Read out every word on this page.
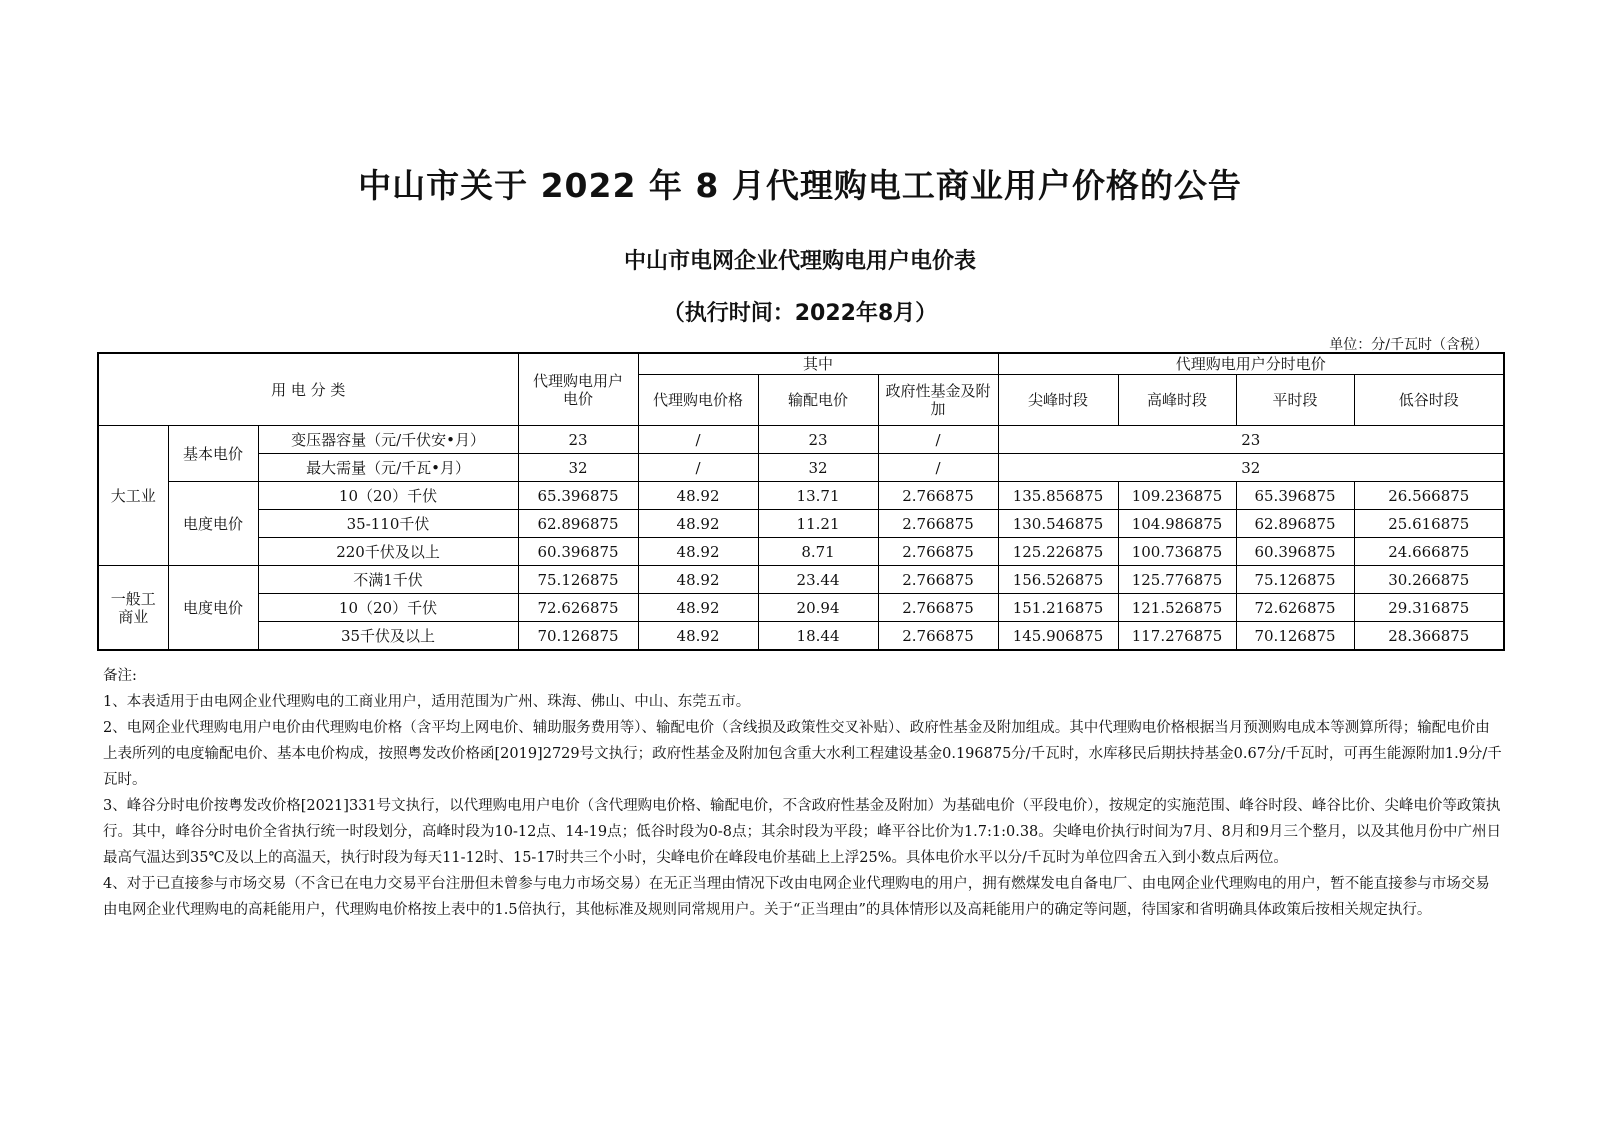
中山市关于 2022 年 8 月代理购电工商业用户价格的公告
中山市电网企业代理购电用户电价表
（执行时间：2022年8月）
单位：分/千瓦时（含税）
用 电 分 类			代理购电用户电价	其中			代理购电用户分时电价			
				代理购电价格	输配电价	政府性基金及附加	尖峰时段	高峰时段	平时段	低谷时段
大工业	基本电价	变压器容量（元/千伏安•月）	23	/	23	/	23			
		最大需量（元/千瓦•月）	32	/	32	/	32			
	电度电价	10（20）千伏	65.396875	48.92	13.71	2.766875	135.856875	109.236875	65.396875	26.566875
		35-110千伏	62.896875	48.92	11.21	2.766875	130.546875	104.986875	62.896875	25.616875
		220千伏及以上	60.396875	48.92	8.71	2.766875	125.226875	100.736875	60.396875	24.666875
一般工商业	电度电价	不满1千伏	75.126875	48.92	23.44	2.766875	156.526875	125.776875	75.126875	30.266875
		10（20）千伏	72.626875	48.92	20.94	2.766875	151.216875	121.526875	72.626875	29.316875
		35千伏及以上	70.126875	48.92	18.44	2.766875	145.906875	117.276875	70.126875	28.366875

备注:

1、本表适用于由电网企业代理购电的工商业用户，适用范围为广州、珠海、佛山、中山、东莞五市。

2、电网企业代理购电用户电价由代理购电价格（含平均上网电价、辅助服务费用等）、输配电价（含线损及政策性交叉补贴）、政府性基金及附加组成。其中代理购电价格根据当月预测购电成本等测算所得；输配电价由上表所列的电度输配电价、基本电价构成，按照粤发改价格函[2019]2729号文执行；政府性基金及附加包含重大水利工程建设基金0.196875分/千瓦时，水库移民后期扶持基金0.67分/千瓦时，可再生能源附加1.9分/千瓦时。

3、峰谷分时电价按粤发改价格[2021]331号文执行，以代理购电用户电价（含代理购电价格、输配电价，不含政府性基金及附加）为基础电价（平段电价），按规定的实施范围、峰谷时段、峰谷比价、尖峰电价等政策执行。其中，峰谷分时电价全省执行统一时段划分，高峰时段为10-12点、14-19点；低谷时段为0-8点；其余时段为平段；峰平谷比价为1.7:1:0.38。尖峰电价执行时间为7月、8月和9月三个整月，以及其他月份中广州日最高气温达到35℃及以上的高温天，执行时段为每天11-12时、15-17时共三个小时，尖峰电价在峰段电价基础上上浮25%。具体电价水平以分/千瓦时为单位四舍五入到小数点后两位。

4、对于已直接参与市场交易（不含已在电力交易平台注册但未曾参与电力市场交易）在无正当理由情况下改由电网企业代理购电的用户，拥有燃煤发电自备电厂、由电网企业代理购电的用户，暂不能直接参与市场交易由电网企业代理购电的高耗能用户，代理购电价格按上表中的1.5倍执行，其他标准及规则同常规用户。关于“正当理由”的具体情形以及高耗能用户的确定等问题，待国家和省明确具体政策后按相关规定执行。
